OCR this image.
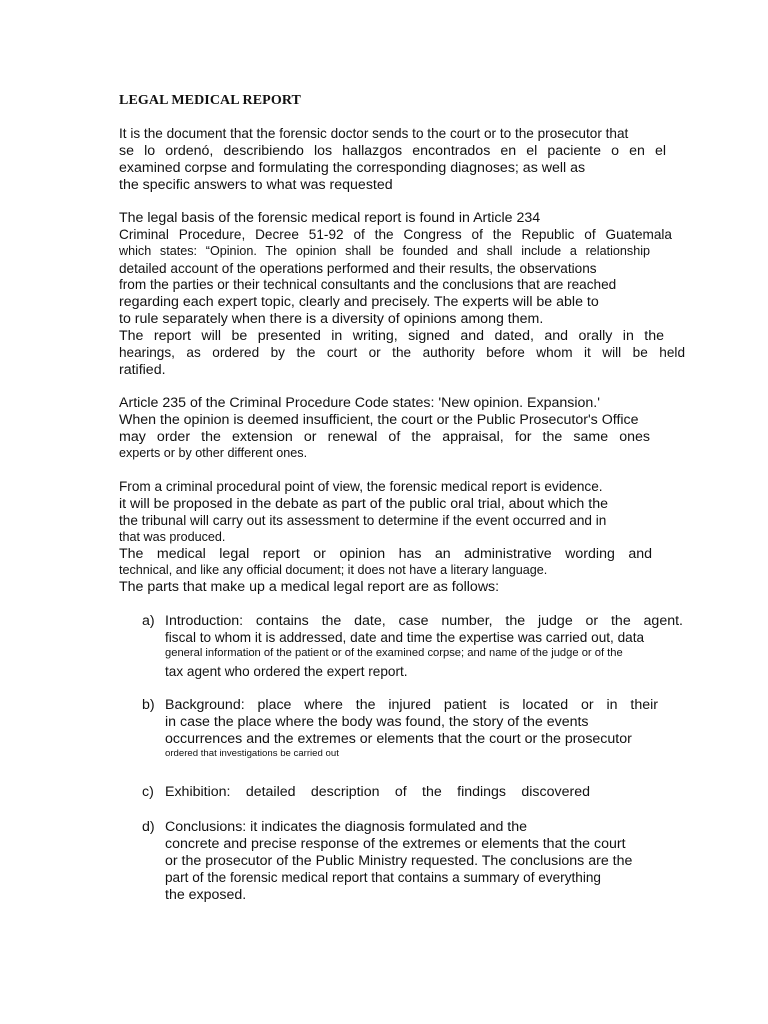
LEGAL MEDICAL REPORT
It is the document that the forensic doctor sends to the court or to the prosecutor that
se lo ordenó, describiendo los hallazgos encontrados en el paciente o en el
examined corpse and formulating the corresponding diagnoses; as well as
the specific answers to what was requested
The legal basis of the forensic medical report is found in Article 234
Criminal Procedure, Decree 51-92 of the Congress of the Republic of Guatemala
which states: “Opinion. The opinion shall be founded and shall include a relationship
detailed account of the operations performed and their results, the observations
from the parties or their technical consultants and the conclusions that are reached
regarding each expert topic, clearly and precisely. The experts will be able to
to rule separately when there is a diversity of opinions among them.
The report will be presented in writing, signed and dated, and orally in the
hearings, as ordered by the court or the authority before whom it will be held
ratified.
Article 235 of the Criminal Procedure Code states: 'New opinion. Expansion.'
When the opinion is deemed insufficient, the court or the Public Prosecutor's Office
may order the extension or renewal of the appraisal, for the same ones
experts or by other different ones.
From a criminal procedural point of view, the forensic medical report is evidence.
it will be proposed in the debate as part of the public oral trial, about which the
the tribunal will carry out its assessment to determine if the event occurred and in
that was produced.
The medical legal report or opinion has an administrative wording and
technical, and like any official document; it does not have a literary language.
The parts that make up a medical legal report are as follows:
a) Introduction: contains the date, case number, the judge or the agent.
fiscal to whom it is addressed, date and time the expertise was carried out, data
general information of the patient or of the examined corpse; and name of the judge or of the
tax agent who ordered the expert report.
b) Background: place where the injured patient is located or in their
in case the place where the body was found, the story of the events
occurrences and the extremes or elements that the court or the prosecutor
ordered that investigations be carried out
c) Exhibition: detailed description of the findings discovered
d) Conclusions: it indicates the diagnosis formulated and the
concrete and precise response of the extremes or elements that the court
or the prosecutor of the Public Ministry requested. The conclusions are the
part of the forensic medical report that contains a summary of everything
the exposed.
